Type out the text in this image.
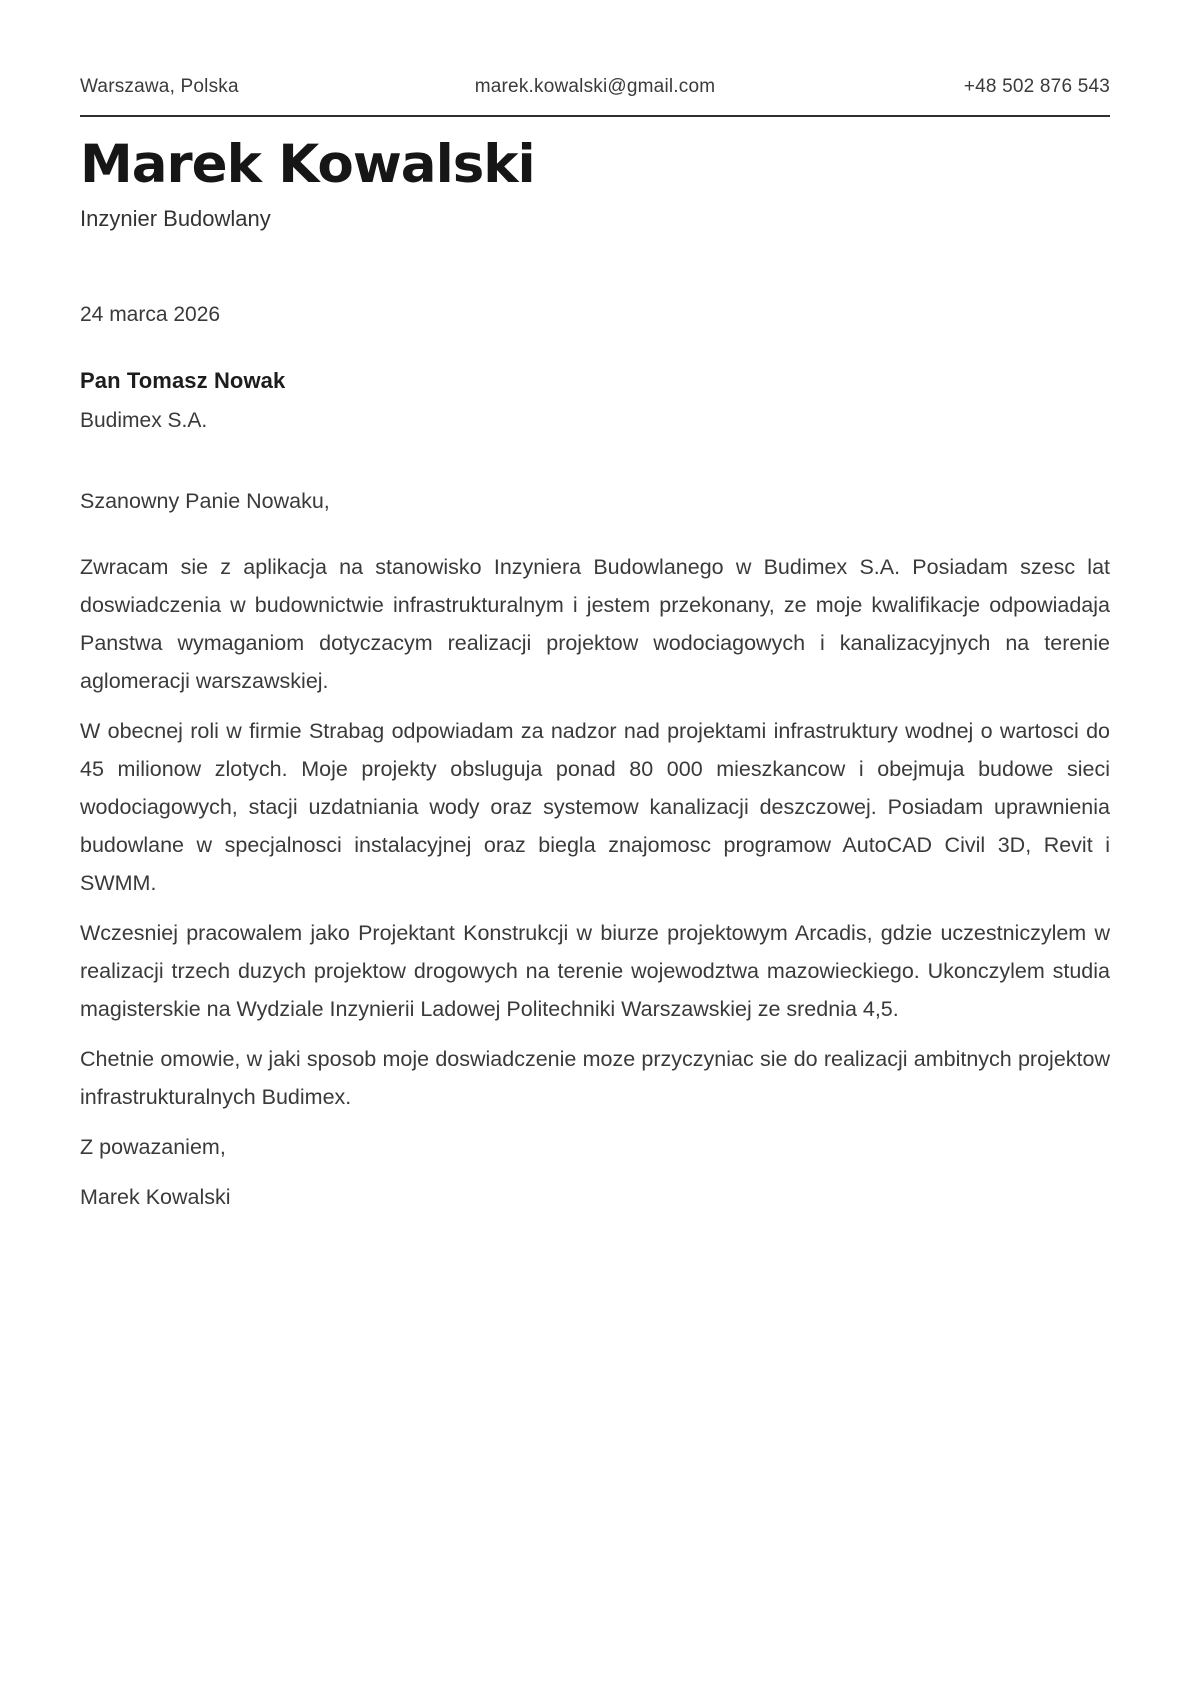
Warszawa, Polska	marek.kowalski@gmail.com	+48 502 876 543
Marek Kowalski
Inzynier Budowlany
24 marca 2026
Pan Tomasz Nowak
Budimex S.A.
Szanowny Panie Nowaku,

Zwracam sie z aplikacja na stanowisko Inzyniera Budowlanego w Budimex S.A. Posiadam szesc lat doswiadczenia w budownictwie infrastrukturalnym i jestem przekonany, ze moje kwalifikacje odpowiadaja Panstwa wymaganiom dotyczacym realizacji projektow wodociagowych i kanalizacyjnych na terenie aglomeracji warszawskiej.

W obecnej roli w firmie Strabag odpowiadam za nadzor nad projektami infrastruktury wodnej o wartosci do 45 milionow zlotych. Moje projekty obsluguja ponad 80 000 mieszkancow i obejmuja budowe sieci wodociagowych, stacji uzdatniania wody oraz systemow kanalizacji deszczowej. Posiadam uprawnienia budowlane w specjalnosci instalacyjnej oraz biegla znajomosc programow AutoCAD Civil 3D, Revit i SWMM.

Wczesniej pracowalem jako Projektant Konstrukcji w biurze projektowym Arcadis, gdzie uczestniczylem w realizacji trzech duzych projektow drogowych na terenie wojewodztwa mazowieckiego. Ukonczylem studia magisterskie na Wydziale Inzynierii Ladowej Politechniki Warszawskiej ze srednia 4,5.

Chetnie omowie, w jaki sposob moje doswiadczenie moze przyczyniac sie do realizacji ambitnych projektow infrastrukturalnych Budimex.

Z powazaniem,
Marek Kowalski
